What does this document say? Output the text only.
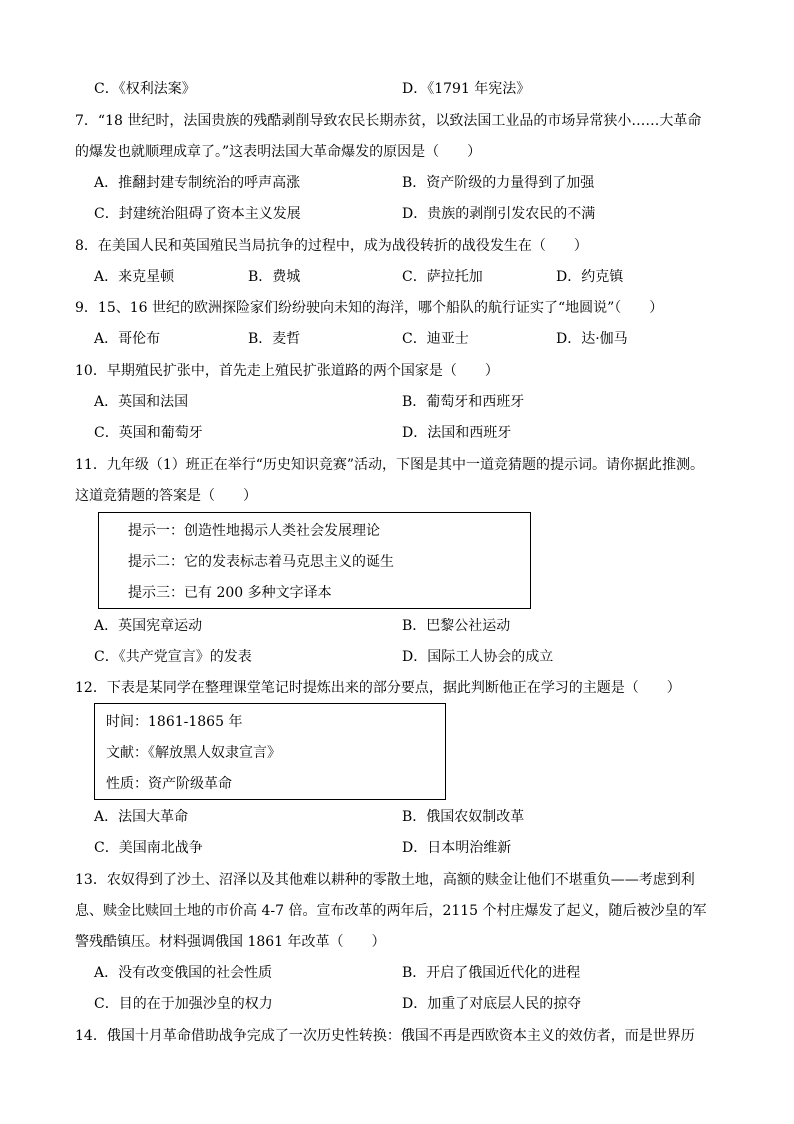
C．《权利法案》	D．《1791 年宪法》
7．“18 世纪时，法国贵族的残酷剥削导致农民长期赤贫，以致法国工业品的市场异常狭小……大革命
的爆发也就顺理成章了。”这表明法国大革命爆发的原因是（　　）
A．推翻封建专制统治的呼声高涨	B．资产阶级的力量得到了加强
C．封建统治阻碍了资本主义发展	D．贵族的剥削引发农民的不满
8．在美国人民和英国殖民当局抗争的过程中，成为战役转折的战役发生在（　　）
A．来克星顿	B．费城	C．萨拉托加	D．约克镇
9．15、16 世纪的欧洲探险家们纷纷驶向未知的海洋，哪个船队的航行证实了“地圆说”（　　）
A．哥伦布	B．麦哲	C．迪亚士	D．达·伽马
10．早期殖民扩张中，首先走上殖民扩张道路的两个国家是（　　）
A．英国和法国	B．葡萄牙和西班牙
C．英国和葡萄牙	D．法国和西班牙
11．九年级（1）班正在举行“历史知识竞赛”活动，下图是其中一道竞猜题的提示词。请你据此推测。
这道竞猜题的答案是（　　）
提示一：创造性地揭示人类社会发展理论
提示二：它的发表标志着马克思主义的诞生
提示三：已有 200 多种文字译本
A．英国宪章运动	B．巴黎公社运动
C．《共产党宣言》的发表	D．国际工人协会的成立
12．下表是某同学在整理课堂笔记时提炼出来的部分要点，据此判断他正在学习的主题是（　　）
时间：1861-1865 年
文献：《解放黑人奴隶宣言》
性质：资产阶级革命
A．法国大革命	B．俄国农奴制改革
C．美国南北战争	D．日本明治维新
13．农奴得到了沙土、沼泽以及其他难以耕种的零散土地，高额的赎金让他们不堪重负——考虑到利
息、赎金比赎回土地的市价高 4-7 倍。宣布改革的两年后，2115 个村庄爆发了起义，随后被沙皇的军
警残酷镇压。材料强调俄国 1861 年改革（　　）
A．没有改变俄国的社会性质	B．开启了俄国近代化的进程
C．目的在于加强沙皇的权力	D．加重了对底层人民的掠夺
14．俄国十月革命借助战争完成了一次历史性转换：俄国不再是西欧资本主义的效仿者，而是世界历
